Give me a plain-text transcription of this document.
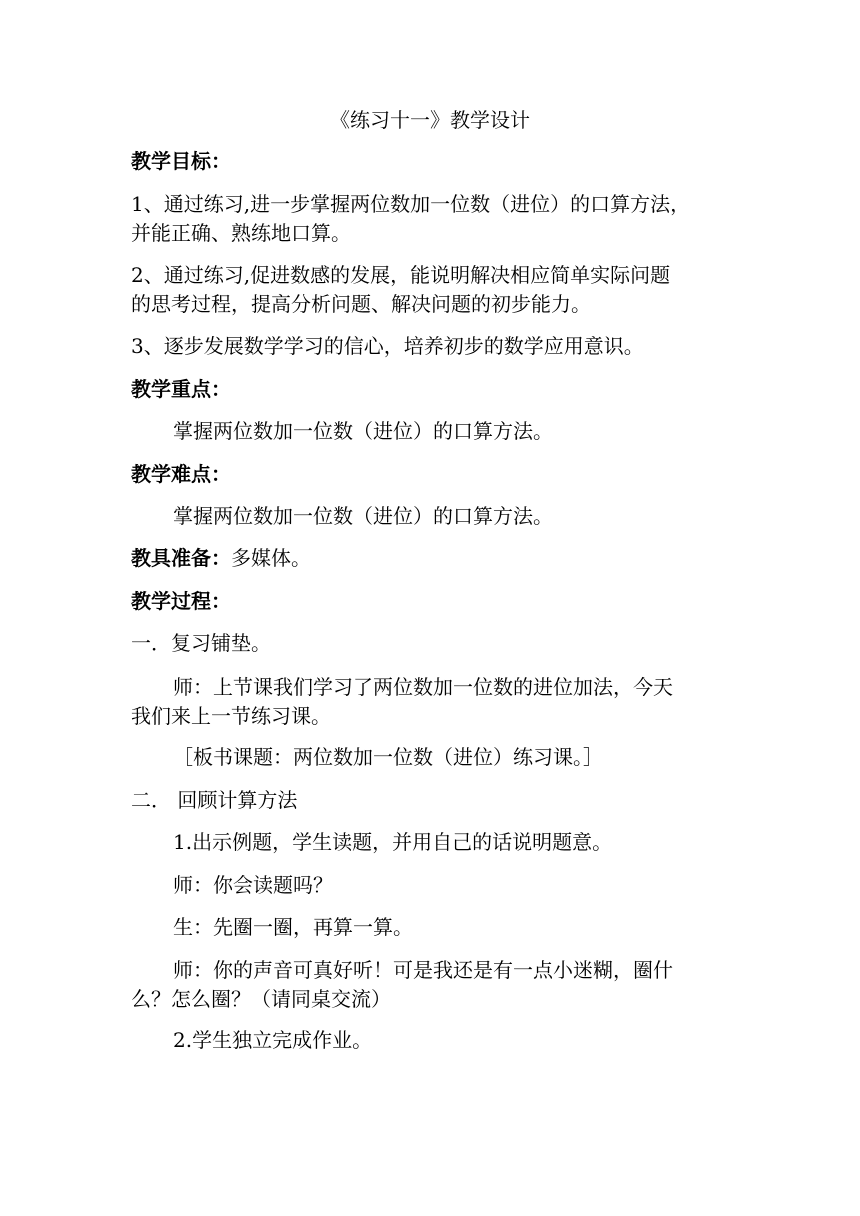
《练习十一》教学设计
教学目标：
1、通过练习,进一步掌握两位数加一位数（进位）的口算方法，
并能正确、熟练地口算。
2、通过练习,促进数感的发展，能说明解决相应简单实际问题
的思考过程，提高分析问题、解决问题的初步能力。
3、逐步发展数学学习的信心，培养初步的数学应用意识。
教学重点：
掌握两位数加一位数（进位）的口算方法。
教学难点：
掌握两位数加一位数（进位）的口算方法。
教具准备：多媒体。
教学过程：
一．复习铺垫。
师：上节课我们学习了两位数加一位数的进位加法，今天
我们来上一节练习课。
［板书课题：两位数加一位数（进位）练习课。］
二． 回顾计算方法
1.出示例题，学生读题，并用自己的话说明题意。
师：你会读题吗？
生：先圈一圈，再算一算。
师：你的声音可真好听！可是我还是有一点小迷糊，圈什
么？怎么圈？（请同桌交流）
2.学生独立完成作业。
